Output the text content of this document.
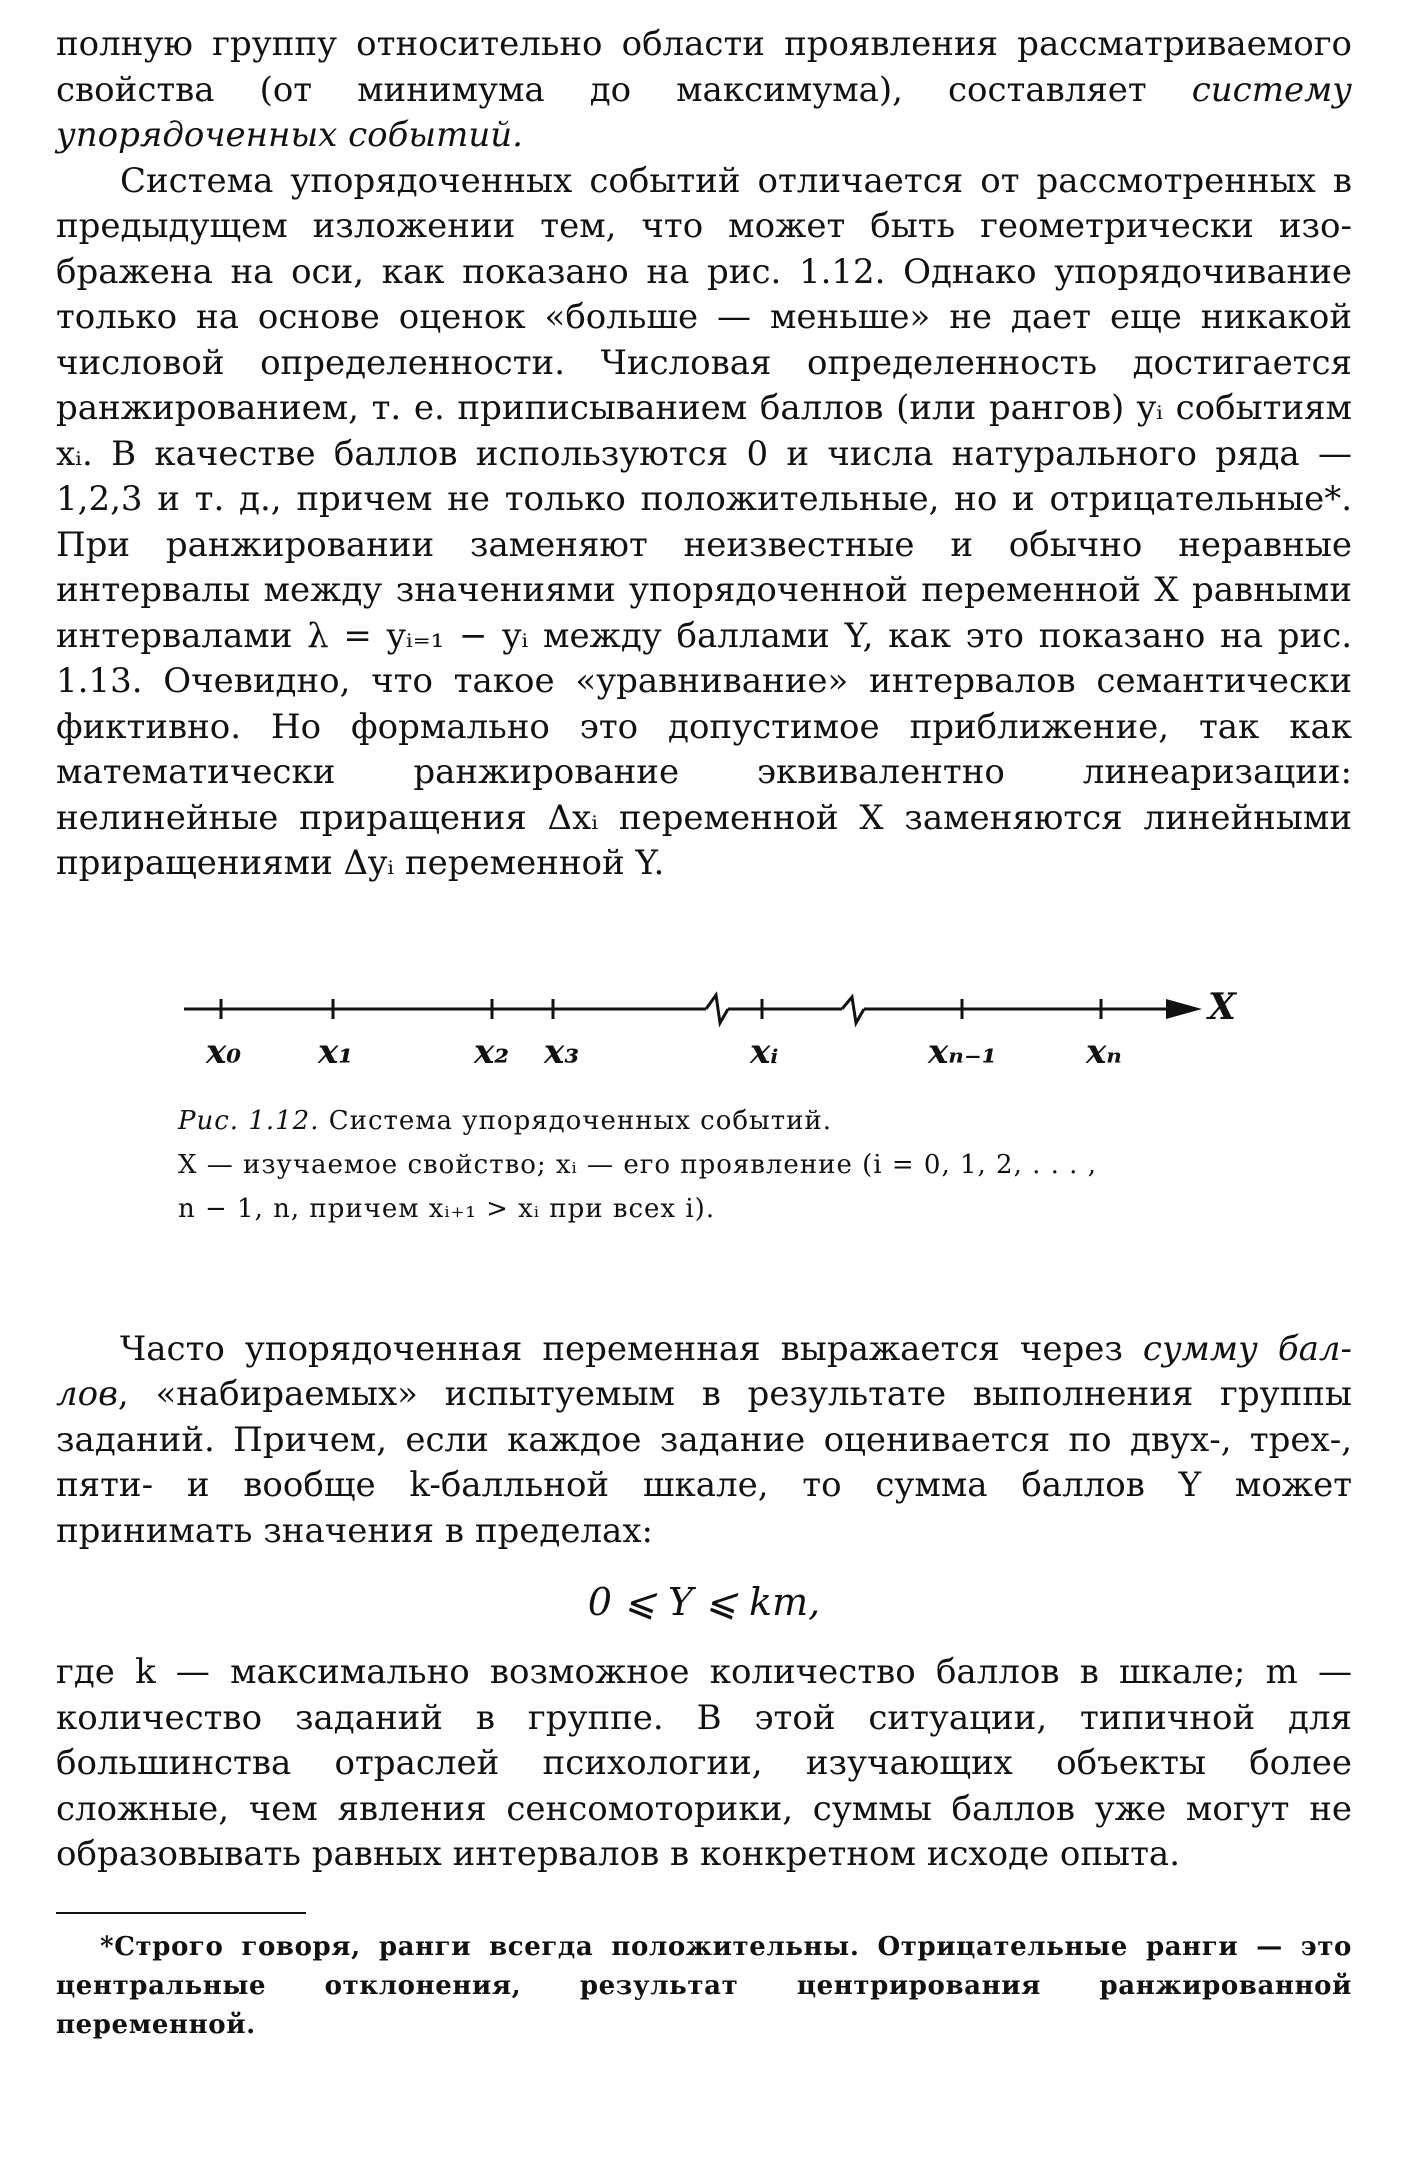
полную группу относительно области проявления рассматриваемого свойства (от минимума до максимума), составляет систему упорядоченных событий.

Система упорядоченных событий отличается от рассмотренных в предыдущем изложении тем, что может быть геометрически изображена на оси, как показано на рис. 1.12. Однако упорядочивание только на основе оценок «больше — меньше» не дает еще никакой числовой определенности. Числовая определенность достигается ранжированием, т. е. приписыванием баллов (или рангов) yᵢ событиям xᵢ. В качестве баллов используются 0 и числа натурального ряда — 1,2,3 и т. д., причем не только положительные, но и отрицательные*. При ранжировании заменяют неизвестные и обычно неравные интервалы между значениями упорядоченной переменной X равными интервалами λ = yᵢ₌₁ − yᵢ между баллами Y, как это показано на рис. 1.13. Очевидно, что такое «уравнивание» интервалов семантически фиктивно. Но формально это допустимое приближение, так как математически ранжирование эквивалентно линеаризации: нелинейные приращения Δxᵢ переменной X заменяются линейными приращениями Δyᵢ переменной Y.

X
x₀ x₁	x₂ x₃	xᵢ	xₙ₋₁	xₙ
Рис. 1.12. Система упорядоченных событий.
X — изучаемое свойство; xᵢ — его проявление (i = 0, 1, 2, . . . ,
n − 1, n, причем xᵢ₊₁ > xᵢ при всех i).

Часто упорядоченная переменная выражается через сумму баллов, «набираемых» испытуемым в результате выполнения группы заданий. Причем, если каждое задание оценивается по двух-, трех-, пяти- и вообще k-балльной шкале, то сумма баллов Y может принимать значения в пределах:

0 ⩽ Y ⩽ km,

где k — максимально возможное количество баллов в шкале; m — количество заданий в группе. В этой ситуации, типичной для большинства отраслей психологии, изучающих объекты более сложные, чем явления сенсомоторики, суммы баллов уже могут не образовывать равных интервалов в конкретном исходе опыта.

*Строго говоря, ранги всегда положительны. Отрицательные ранги — это центральные отклонения, результат центрирования ранжированной переменной.
